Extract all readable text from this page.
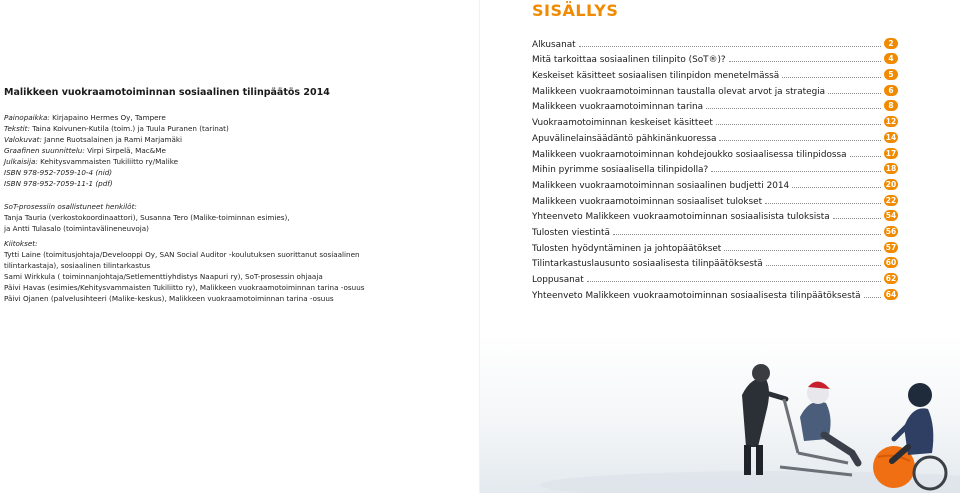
Malikkeen vuokraamotoiminnan sosiaalinen tilinpäätös 2014
Painopaikka: Kirjapaino Hermes Oy, Tampere
Tekstit: Taina Koivunen-Kutila (toim.) ja Tuula Puranen (tarinat)
Valokuvat: Janne Ruotsalainen ja Rami Marjamäki
Graafinen suunnittelu: Virpi Sirpelä, Mac&Me
Julkaisija: Kehitysvammaisten Tukiliitto ry/Malike
ISBN 978-952-7059-10-4 (nid)
ISBN 978-952-7059-11-1 (pdf)
SoT-prosessiin osallistuneet henkilöt:
Tanja Tauria (verkostokoordinaattori), Susanna Tero (Malike-toiminnan esimies),
ja Antti Tulasalo (toimintavälineneuvoja)
Kiitokset:
Tytti Laine (toimitusjohtaja/Develooppi Oy, SAN Social Auditor -koulutuksen suorittanut sosiaalinen
tilintarkastaja), sosiaalinen tilintarkastus
Sami Wirkkula ( toiminnanjohtaja/Setlementtiyhdistys Naapuri ry), SoT-prosessin ohjaaja
Päivi Havas (esimies/Kehitysvammaisten Tukiliitto ry), Malikkeen vuokraamotoiminnan tarina -osuus
Päivi Ojanen (palvelusihteeri (Malike-keskus), Malikkeen vuokraamotoiminnan tarina -osuus
SISÄLLYS
Alkusanat	2
Mitä tarkoittaa sosiaalinen tilinpito (SoT®)?	4
Keskeiset käsitteet sosiaalisen tilinpidon menetelmässä	5
Malikkeen vuokraamotoiminnan taustalla olevat arvot ja strategia	6
Malikkeen vuokraamotoiminnan tarina	8
Vuokraamotoiminnan keskeiset käsitteet	12
Apuvälinelainsäädäntö pähkinänkuoressa	14
Malikkeen vuokraamotoiminnan kohdejoukko sosiaalisessa tilinpidossa	17
Mihin pyrimme sosiaalisella tilinpidolla?	18
Malikkeen vuokraamotoiminnan sosiaalinen budjetti 2014	20
Malikkeen vuokraamotoiminnan sosiaaliset tulokset	22
Yhteenveto Malikkeen vuokraamotoiminnan sosiaalisista tuloksista	54
Tulosten viestintä	56
Tulosten hyödyntäminen ja johtopäätökset	57
Tilintarkastuslausunto sosiaalisesta tilinpäätöksestä	60
Loppusanat	62
Yhteenveto Malikkeen vuokraamotoiminnan sosiaalisesta tilinpäätöksestä	64
